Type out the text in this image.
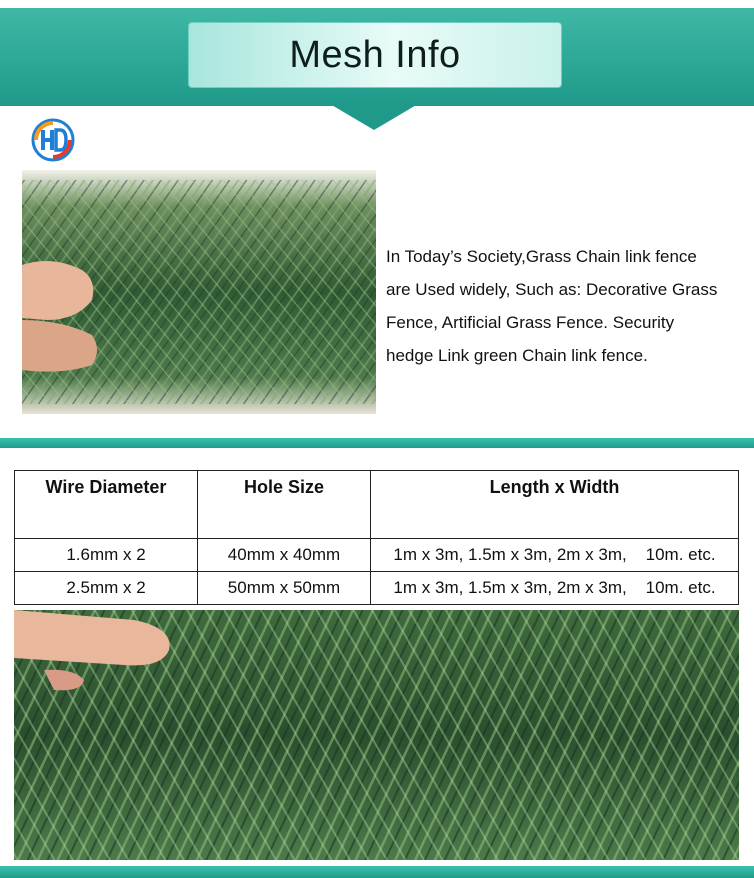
Mesh Info
In Today’s Society,Grass Chain link fence
are Used widely, Such as: Decorative Grass
Fence, Artificial Grass Fence. Security
hedge Link green Chain link fence.
Wire Diameter	Hole Size	Length x Width
1.6mm x 2	40mm x 40mm	1m x 3m, 1.5m x 3m, 2m x 3m,    10m. etc.
2.5mm x 2	50mm x 50mm	1m x 3m, 1.5m x 3m, 2m x 3m,    10m. etc.
